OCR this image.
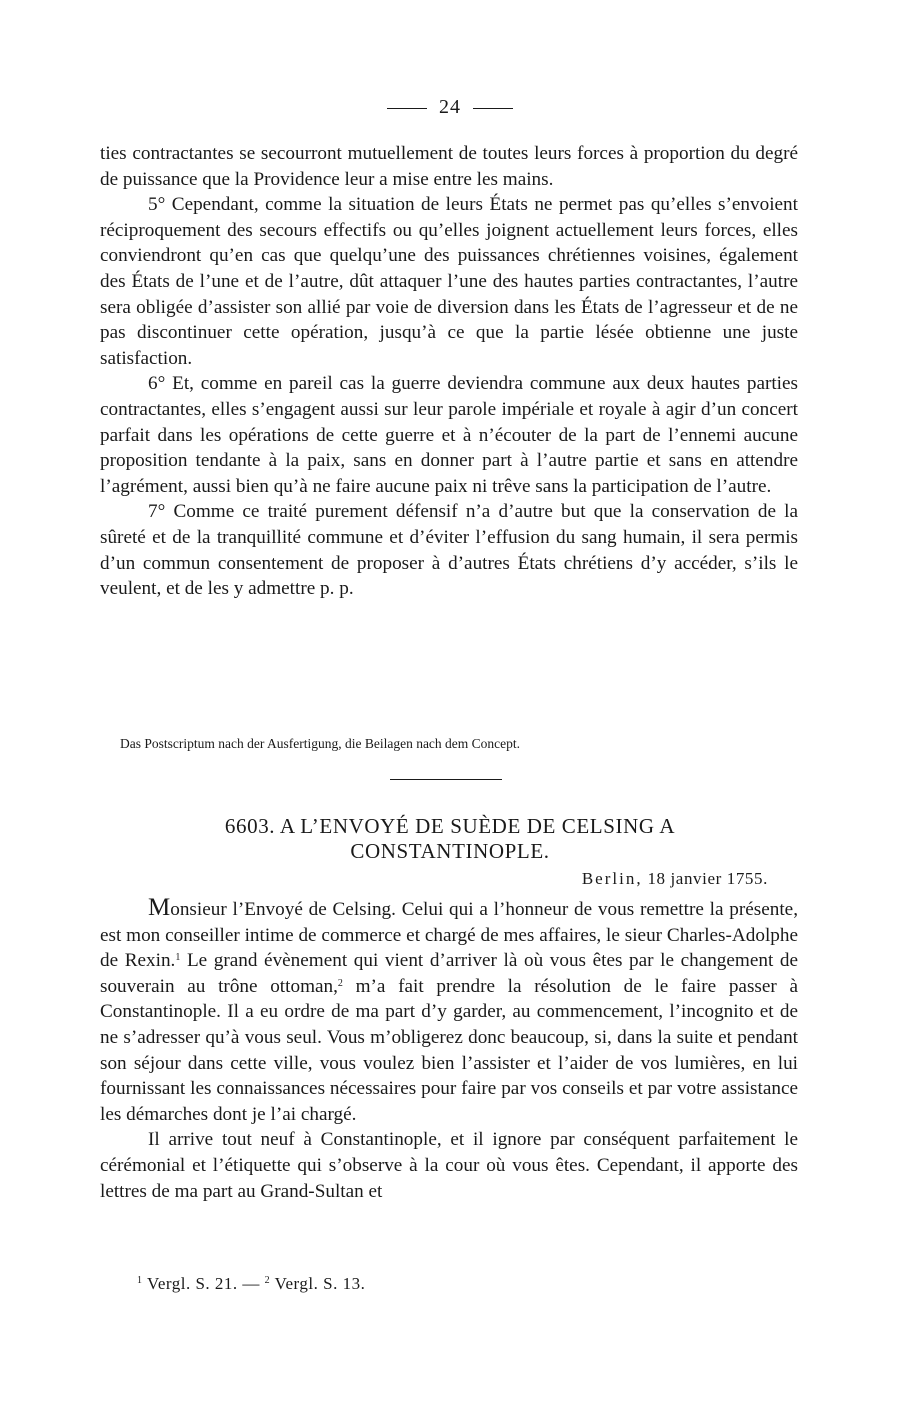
24

ties contractantes se secourront mutuellement de toutes leurs forces à proportion du degré de puissance que la Providence leur a mise entre les mains.

5° Cependant, comme la situation de leurs États ne permet pas qu’elles s’envoient réciproquement des secours effectifs ou qu’elles joignent actuellement leurs forces, elles conviendront qu’en cas que quelqu’une des puissances chrétiennes voisines, également des États de l’une et de l’autre, dût attaquer l’une des hautes parties contractantes, l’autre sera obligée d’assister son allié par voie de diversion dans les États de l’agresseur et de ne pas discontinuer cette opération, jusqu’à ce que la partie lésée obtienne une juste satisfaction.

6° Et, comme en pareil cas la guerre deviendra commune aux deux hautes parties contractantes, elles s’engagent aussi sur leur parole impériale et royale à agir d’un concert parfait dans les opérations de cette guerre et à n’écouter de la part de l’ennemi aucune proposition tendante à la paix, sans en donner part à l’autre partie et sans en attendre l’agrément, aussi bien qu’à ne faire aucune paix ni trêve sans la participation de l’autre.

7° Comme ce traité purement défensif n’a d’autre but que la conservation de la sûreté et de la tranquillité commune et d’éviter l’effusion du sang humain, il sera permis d’un commun consentement de proposer à d’autres États chrétiens d’y accéder, s’ils le veulent, et de les y admettre p. p.

Das Postscriptum nach der Ausfertigung, die Beilagen nach dem Concept.
6603. A L’ENVOYÉ DE SUÈDE DE CELSING A CONSTANTINOPLE.
Berlin, 18 janvier 1755.

Monsieur l’Envoyé de Celsing. Celui qui a l’honneur de vous remettre la présente, est mon conseiller intime de commerce et chargé de mes affaires, le sieur Charles-Adolphe de Rexin.$^1$ Le grand évènement qui vient d’arriver là où vous êtes par le changement de souverain au trône ottoman,$^2$ m’a fait prendre la résolution de le faire passer à Constantinople. Il a eu ordre de ma part d’y garder, au commencement, l’incognito et de ne s’adresser qu’à vous seul. Vous m’obligerez donc beaucoup, si, dans la suite et pendant son séjour dans cette ville, vous voulez bien l’assister et l’aider de vos lumières, en lui fournissant les connaissances nécessaires pour faire par vos conseils et par votre assistance les démarches dont je l’ai chargé.

Il arrive tout neuf à Constantinople, et il ignore par conséquent parfaitement le cérémonial et l’étiquette qui s’observe à la cour où vous êtes. Cependant, il apporte des lettres de ma part au Grand-Sultan et

$^1$ Vergl. S. 21. — $^2$ Vergl. S. 13.
